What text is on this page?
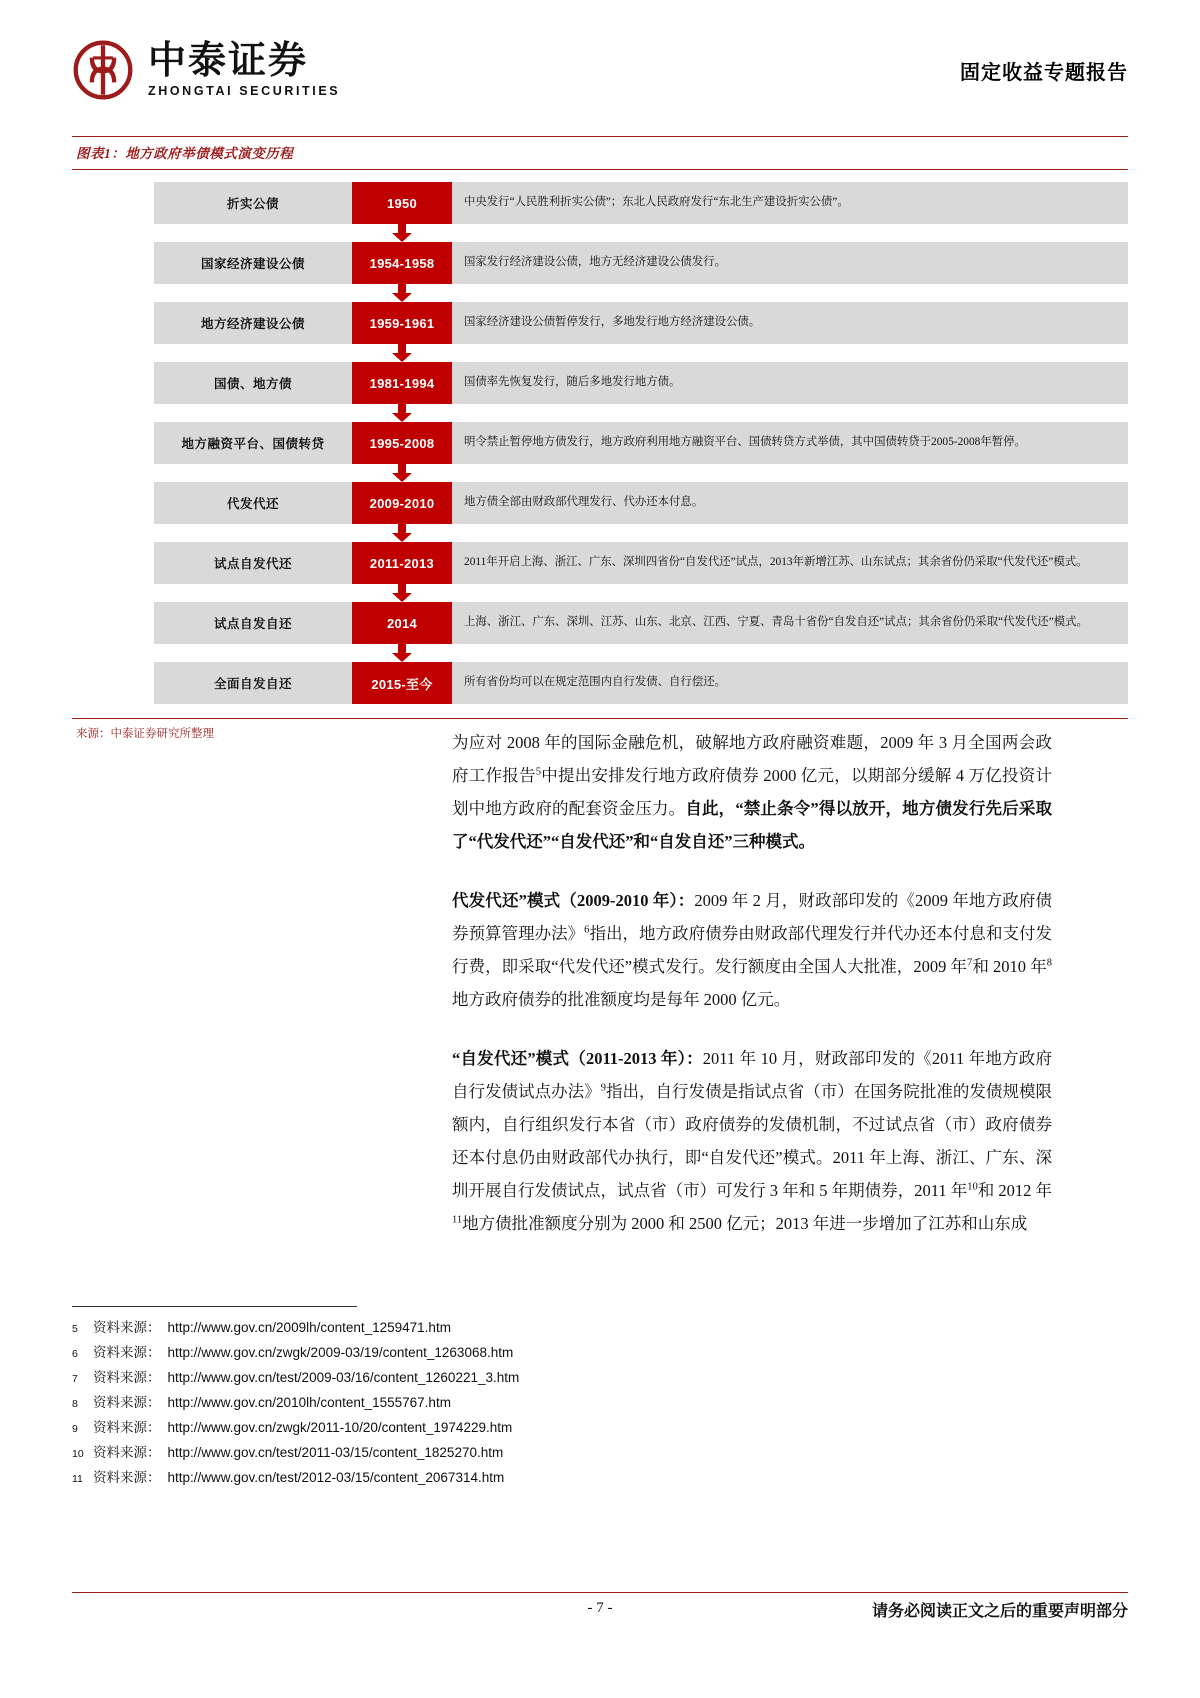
中泰证券
ZHONGTAI SECURITIES
固定收益专题报告
图表1：地方政府举债模式演变历程
折实公债	1950	中央发行“人民胜利折实公债”；东北人民政府发行“东北生产建设折实公债”。
国家经济建设公债	1954-1958	国家发行经济建设公债，地方无经济建设公债发行。
地方经济建设公债	1959-1961	国家经济建设公债暂停发行，多地发行地方经济建设公债。
国债、地方债	1981-1994	国债率先恢复发行，随后多地发行地方债。
地方融资平台、国债转贷	1995-2008	明令禁止暂停地方债发行，地方政府利用地方融资平台、国债转贷方式举债，其中国债转贷于2005-2008年暂停。
代发代还	2009-2010	地方债全部由财政部代理发行、代办还本付息。
试点自发代还	2011-2013	2011年开启上海、浙江、广东、深圳四省份“自发代还”试点，2013年新增江苏、山东试点；其余省份仍采取“代发代还”模式。
试点自发自还	2014	上海、浙江、广东、深圳、江苏、山东、北京、江西、宁夏、青岛十省份“自发自还”试点；其余省份仍采取“代发代还”模式。
全面自发自还	2015-至今	所有省份均可以在规定范围内自行发债、自行偿还。
来源：中泰证券研究所整理	为应对 2008 年的国际金融危机，破解地方政府融资难题，2009 年 3 月全国两会政府工作报告$^5$中提出安排发行地方政府债券 2000 亿元，以期部分缓解 4 万亿投资计划中地方政府的配套资金压力。自此，“禁止条令”得以放开，地方债发行先后采取了“代发代还”“自发代还”和“自发自还”三种模式。

代发代还”模式（2009-2010 年）：2009 年 2 月，财政部印发的《2009 年地方政府债券预算管理办法》$^6$指出，地方政府债券由财政部代理发行并代办还本付息和支付发行费，即采取“代发代还”模式发行。发行额度由全国人大批准，2009 年$^7$和 2010 年$^8$地方政府债券的批准额度均是每年 2000 亿元。

“自发代还”模式（2011-2013 年）：2011 年 10 月，财政部印发的《2011 年地方政府自行发债试点办法》$^9$指出，自行发债是指试点省（市）在国务院批准的发债规模限额内，自行组织发行本省（市）政府债券的发债机制，不过试点省（市）政府债券还本付息仍由财政部代办执行，即“自发代还”模式。2011 年上海、浙江、广东、深圳开展自行发债试点，试点省（市）可发行 3 年和 5 年期债券，2011 年$^{10}$和 2012 年$^{11}$地方债批准额度分别为 2000 和 2500 亿元；2013 年进一步增加了江苏和山东成

5	资料来源： http://www.gov.cn/2009lh/content_1259471.htm
6	资料来源： http://www.gov.cn/zwgk/2009-03/19/content_1263068.htm
7	资料来源： http://www.gov.cn/test/2009-03/16/content_1260221_3.htm
8	资料来源： http://www.gov.cn/2010lh/content_1555767.htm
9	资料来源： http://www.gov.cn/zwgk/2011-10/20/content_1974229.htm
10 资料来源： http://www.gov.cn/test/2011-03/15/content_1825270.htm
11 资料来源： http://www.gov.cn/test/2012-03/15/content_2067314.htm
- 7 -	请务必阅读正文之后的重要声明部分
